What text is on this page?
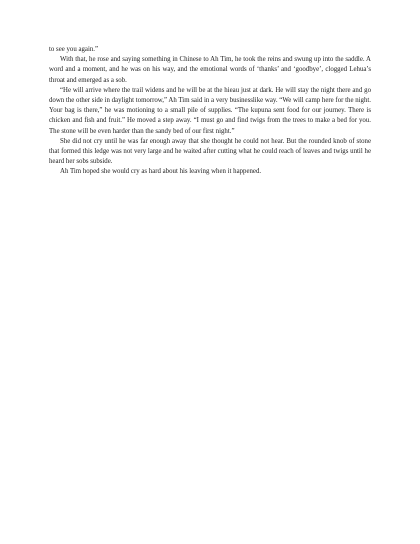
to see you again.”

With that, he rose and saying something in Chinese to Ah Tim, he took the reins and swung up into the saddle. A word and a moment, and he was on his way, and the emotional words of ‘thanks’ and ‘goodbye’, clogged Lehua’s throat and emerged as a sob.

“He will arrive where the trail widens and he will be at the hieau just at dark. He will stay the night there and go down the other side in daylight tomorrow,” Ah Tim said in a very businesslike way. “We will camp here for the night. Your bag is there,” he was motioning to a small pile of supplies. “The kupuna sent food for our journey. There is chicken and fish and fruit.” He moved a step away. “I must go and find twigs from the trees to make a bed for you. The stone will be even harder than the sandy bed of our first night.”

She did not cry until he was far enough away that she thought he could not hear. But the rounded knob of stone that formed this ledge was not very large and he waited after cutting what he could reach of leaves and twigs until he heard her sobs subside.

Ah Tim hoped she would cry as hard about his leaving when it happened.
